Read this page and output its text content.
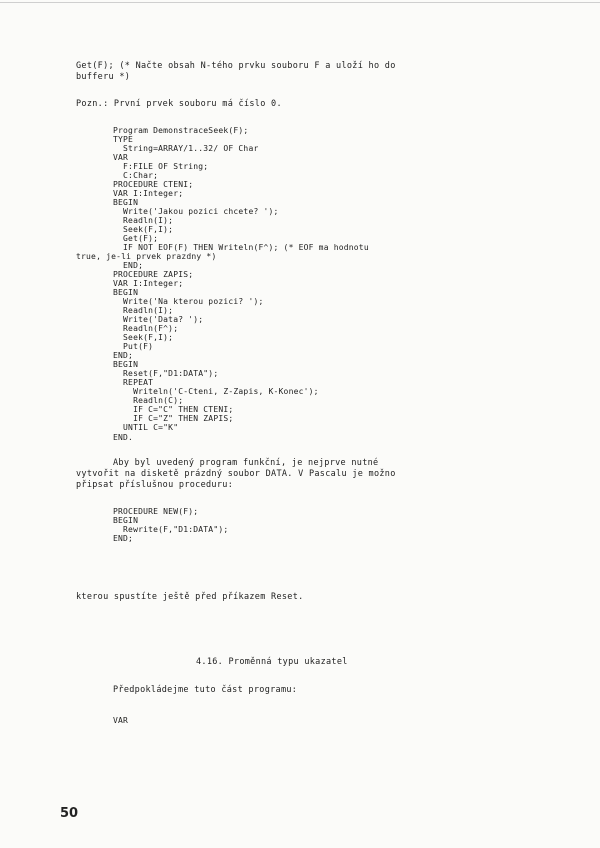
Get(F); (* Načte obsah N-tého prvku souboru F a uloží ho do
bufferu *)
Pozn.: První prvek souboru má číslo 0.
Program DemonstraceSeek(F);
TYPE
String=ARRAY/1..32/ OF Char
VAR
F:FILE OF String;
C:Char;
PROCEDURE CTENI;
VAR I:Integer;
BEGIN
Write('Jakou pozici chcete? ');
Readln(I);
Seek(F,I);
Get(F);
IF NOT EOF(F) THEN Writeln(F^); (* EOF ma hodnotu
true, je-li prvek prazdny *)
END;
PROCEDURE ZAPIS;
VAR I:Integer;
BEGIN
Write('Na kterou pozici? ');
Readln(I);
Write('Data? ');
Readln(F^);
Seek(F,I);
Put(F)
END;
BEGIN
Reset(F,"D1:DATA");
REPEAT
Writeln('C-Cteni, Z-Zapis, K-Konec');
Readln(C);
IF C="C" THEN CTENI;
IF C="Z" THEN ZAPIS;
UNTIL C="K"
END.
Aby byl uvedený program funkční, je nejprve nutné
vytvořit na disketě prázdný soubor DATA. V Pascalu je možno
připsat příslušnou proceduru:
PROCEDURE NEW(F);
BEGIN
Rewrite(F,"D1:DATA");
END;
kterou spustíte ještě před příkazem Reset.
4.16. Proměnná typu ukazatel
Předpokládejme tuto část programu:
VAR
50
